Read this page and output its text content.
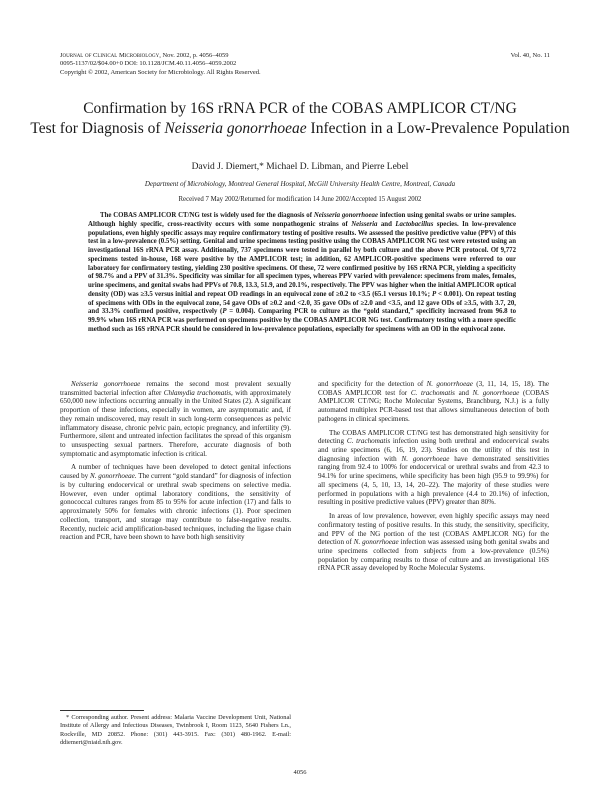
Journal of Clinical Microbiology, Nov. 2002, p. 4056–4059
0095-1137/02/$04.00+0 DOI: 10.1128/JCM.40.11.4056–4059.2002
Copyright © 2002, American Society for Microbiology. All Rights Reserved.
Vol. 40, No. 11
Confirmation by 16S rRNA PCR of the COBAS AMPLICOR CT/NG
Test for Diagnosis of Neisseria gonorrhoeae Infection in a Low-Prevalence Population
David J. Diemert,* Michael D. Libman, and Pierre Lebel
Department of Microbiology, Montreal General Hospital, McGill University Health Centre, Montreal, Canada
Received 7 May 2002/Returned for modification 14 June 2002/Accepted 15 August 2002
The COBAS AMPLICOR CT/NG test is widely used for the diagnosis of Neisseria gonorrhoeae infection using genital swabs or urine samples. Although highly specific, cross-reactivity occurs with some nonpathogenic strains of Neisseria and Lactobacillus species. In low-prevalence populations, even highly specific assays may require confirmatory testing of positive results. We assessed the positive predictive value (PPV) of this test in a low-prevalence (0.5%) setting. Genital and urine specimens testing positive using the COBAS AMPLICOR NG test were retested using an investigational 16S rRNA PCR assay. Additionally, 737 specimens were tested in parallel by both culture and the above PCR protocol. Of 9,772 specimens tested in-house, 168 were positive by the AMPLICOR test; in addition, 62 AMPLICOR-positive specimens were referred to our laboratory for confirmatory testing, yielding 230 positive specimens. Of these, 72 were confirmed positive by 16S rRNA PCR, yielding a specificity of 98.7% and a PPV of 31.3%. Specificity was similar for all specimen types, whereas PPV varied with prevalence: specimens from males, females, urine specimens, and genital swabs had PPVs of 70.8, 13.3, 51.9, and 20.1%, respectively. The PPV was higher when the initial AMPLICOR optical density (OD) was ≥3.5 versus initial and repeat OD readings in an equivocal zone of ≥0.2 to <3.5 (65.1 versus 10.1%; P < 0.001). On repeat testing of specimens with ODs in the equivocal zone, 54 gave ODs of ≥0.2 and <2.0, 35 gave ODs of ≥2.0 and <3.5, and 12 gave ODs of ≥3.5, with 3.7, 20, and 33.3% confirmed positive, respectively (P = 0.004). Comparing PCR to culture as the “gold standard,” specificity increased from 96.8 to 99.9% when 16S rRNA PCR was performed on specimens positive by the COBAS AMPLICOR NG test. Confirmatory testing with a more specific method such as 16S rRNA PCR should be considered in low-prevalence populations, especially for specimens with an OD in the equivocal zone.

Neisseria gonorrhoeae remains the second most prevalent sexually transmitted bacterial infection after Chlamydia trachomatis, with approximately 650,000 new infections occurring annually in the United States (2). A significant proportion of these infections, especially in women, are asymptomatic and, if they remain undiscovered, may result in such long-term consequences as pelvic inflammatory disease, chronic pelvic pain, ectopic pregnancy, and infertility (9). Furthermore, silent and untreated infection facilitates the spread of this organism to unsuspecting sexual partners. Therefore, accurate diagnosis of both symptomatic and asymptomatic infection is critical.

A number of techniques have been developed to detect genital infections caused by N. gonorrhoeae. The current “gold standard” for diagnosis of infection is by culturing endocervical or urethral swab specimens on selective media. However, even under optimal laboratory conditions, the sensitivity of gonococcal cultures ranges from 85 to 95% for acute infection (17) and falls to approximately 50% for females with chronic infections (1). Poor specimen collection, transport, and storage may contribute to false-negative results. Recently, nucleic acid amplification-based techniques, including the ligase chain reaction and PCR, have been shown to have both high sensitivity

and specificity for the detection of N. gonorrhoeae (3, 11, 14, 15, 18). The COBAS AMPLICOR test for C. trachomatis and N. gonorrhoeae (COBAS AMPLICOR CT/NG; Roche Molecular Systems, Branchburg, N.J.) is a fully automated multiplex PCR-based test that allows simultaneous detection of both pathogens in clinical specimens.

The COBAS AMPLICOR CT/NG test has demonstrated high sensitivity for detecting C. trachomatis infection using both urethral and endocervical swabs and urine specimens (6, 16, 19, 23). Studies on the utility of this test in diagnosing infection with N. gonorrhoeae have demonstrated sensitivities ranging from 92.4 to 100% for endocervical or urethral swabs and from 42.3 to 94.1% for urine specimens, while specificity has been high (95.9 to 99.9%) for all specimens (4, 5, 10, 13, 14, 20–22). The majority of these studies were performed in populations with a high prevalence (4.4 to 20.1%) of infection, resulting in positive predictive values (PPV) greater than 80%.

In areas of low prevalence, however, even highly specific assays may need confirmatory testing of positive results. In this study, the sensitivity, specificity, and PPV of the NG portion of the test (COBAS AMPLICOR NG) for the detection of N. gonorrhoeae infection was assessed using both genital swabs and urine specimens collected from subjects from a low-prevalence (0.5%) population by comparing results to those of culture and an investigational 16S rRNA PCR assay developed by Roche Molecular Systems.

* Corresponding author. Present address: Malaria Vaccine Development Unit, National Institute of Allergy and Infectious Diseases, Twinbrook I, Room 1123, 5640 Fishers Ln., Rockville, MD 20852. Phone: (301) 443-3915. Fax: (301) 480-1962. E-mail: ddiemert@niaid.nih.gov.
4056
